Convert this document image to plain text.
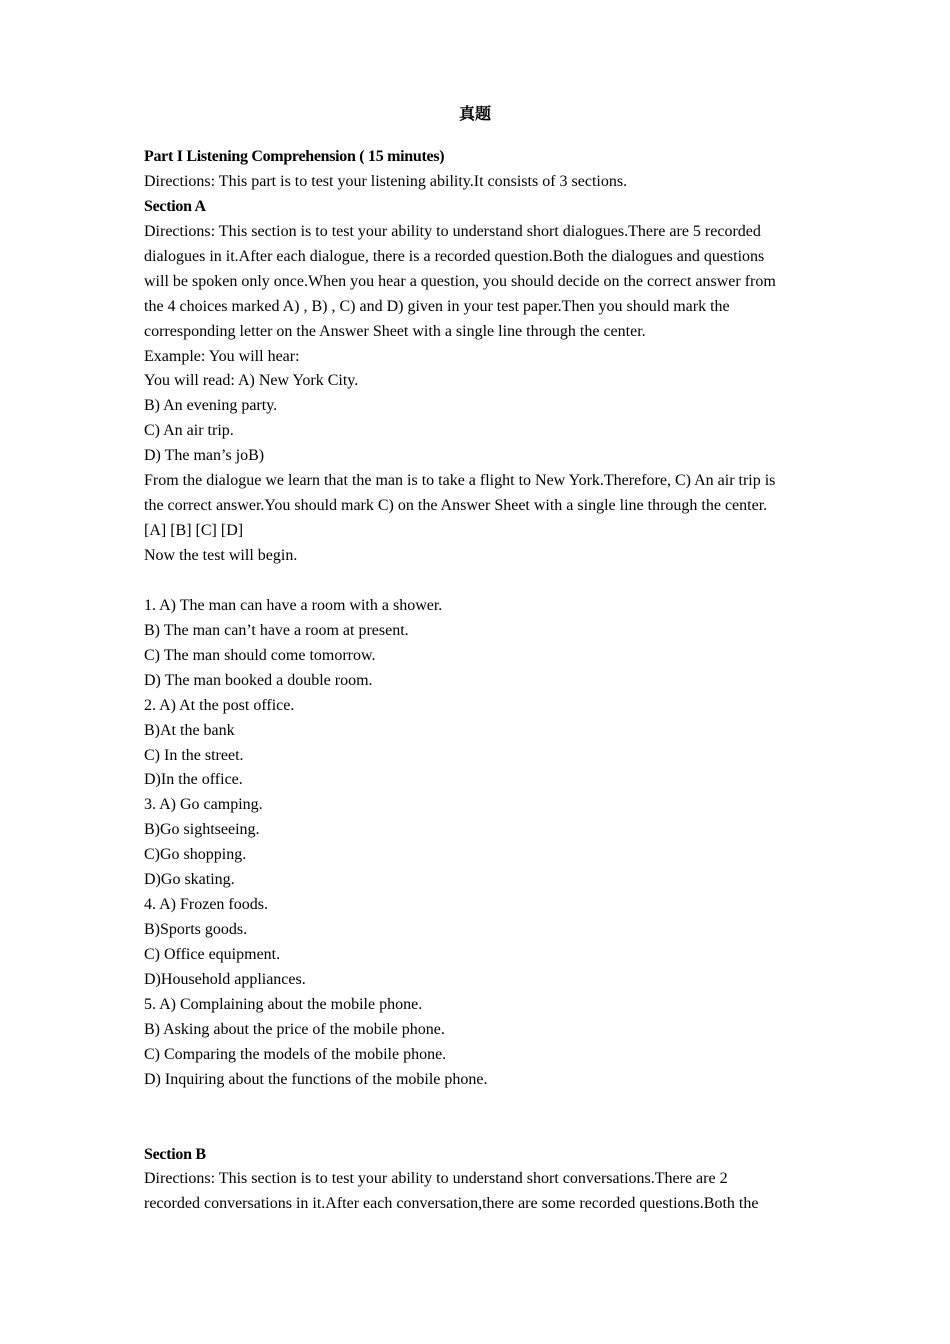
真题
Part I Listening Comprehension ( 15 minutes)
Directions: This part is to test your listening ability.It consists of 3 sections.
Section A
Directions: This section is to test your ability to understand short dialogues.There are 5 recorded
dialogues in it.After each dialogue, there is a recorded question.Both the dialogues and questions
will be spoken only once.When you hear a question, you should decide on the correct answer from
the 4 choices marked A) , B) , C) and D) given in your test paper.Then you should mark the
corresponding letter on the Answer Sheet with a single line through the center.
Example: You will hear:
You will read: A) New York City.
B) An evening party.
C) An air trip.
D) The man’s joB)
From the dialogue we learn that the man is to take a flight to New York.Therefore, C) An air trip is
the correct answer.You should mark C) on the Answer Sheet with a single line through the center.
[A] [B] [C] [D]
Now the test will begin.
1. A) The man can have a room with a shower.
B) The man can’t have a room at present.
C) The man should come tomorrow.
D) The man booked a double room.
2. A) At the post office.
B)At the bank
C) In the street.
D)In the office.
3. A) Go camping.
B)Go sightseeing.
C)Go shopping.
D)Go skating.
4. A) Frozen foods.
B)Sports goods.
C) Office equipment.
D)Household appliances.
5. A) Complaining about the mobile phone.
B) Asking about the price of the mobile phone.
C) Comparing the models of the mobile phone.
D) Inquiring about the functions of the mobile phone.
Section B
Directions: This section is to test your ability to understand short conversations.There are 2
recorded conversations in it.After each conversation,there are some recorded questions.Both the
